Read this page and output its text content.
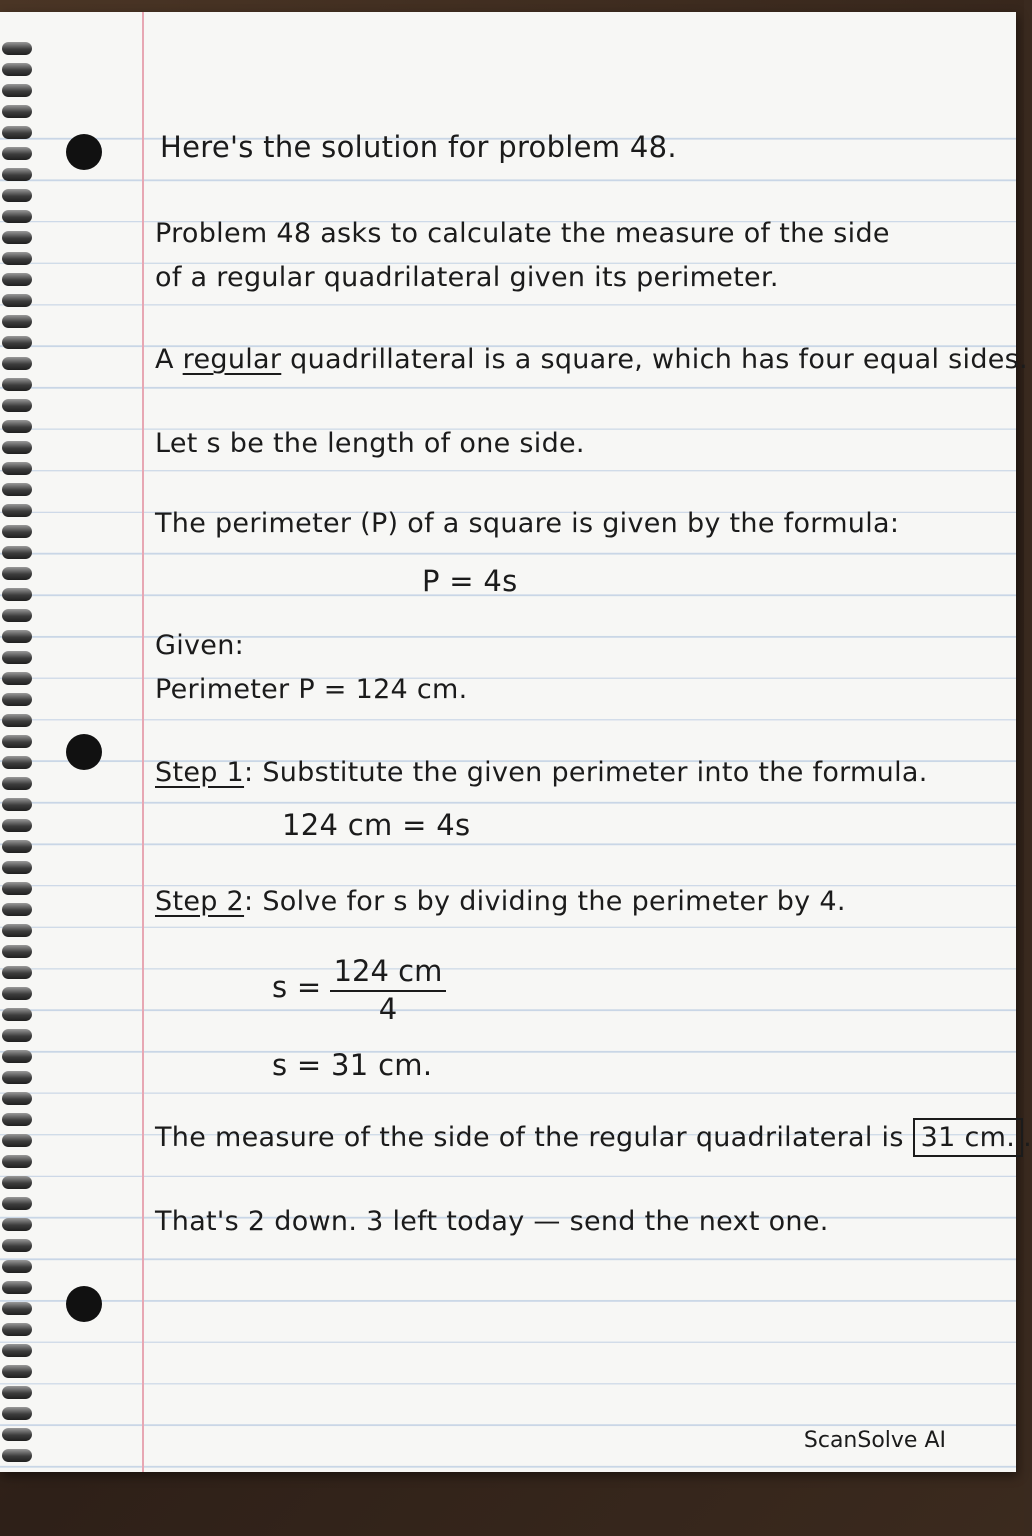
Here's the solution for problem 48.
Problem 48 asks to calculate the measure of the side
of a regular quadrilateral given its perimeter.
A regular quadrillateral is a square, which has four equal sides.
Let s be the length of one side.
The perimeter (P) of a square is given by the formula:
P = 4s
Given:
Perimeter P = 124 cm.
Step 1: Substitute the given perimeter into the formula.
124 cm = 4s
Step 2: Solve for s by dividing the perimeter by 4.
$s = \frac{124 cm}{4}$
s = 31 cm.
The measure of the side of the regular quadrilateral is 31 cm. .
That's 2 down. 3 left today — send the next one.
ScanSolve AI
